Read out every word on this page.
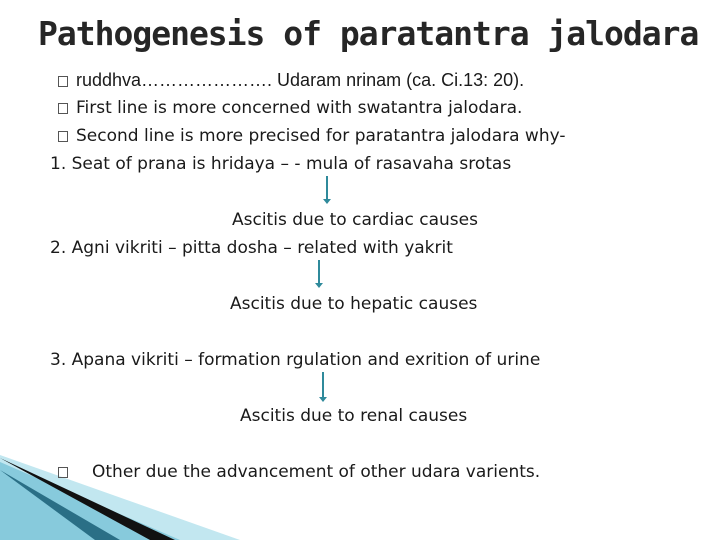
Pathogenesis of paratantra jalodara
ruddhva…………………. Udaram nrinam (ca. Ci.13: 20).
First line is more concerned with swatantra jalodara.
Second line is more precised for paratantra jalodara why-
1. Seat of prana is hridaya – - mula of rasavaha srotas
Ascitis due to cardiac causes
2. Agni vikriti – pitta dosha – related with yakrit
Ascitis due to hepatic causes
3. Apana vikriti – formation rgulation and exrition of urine
Ascitis due to renal causes
Other due the advancement of other udara varients.
